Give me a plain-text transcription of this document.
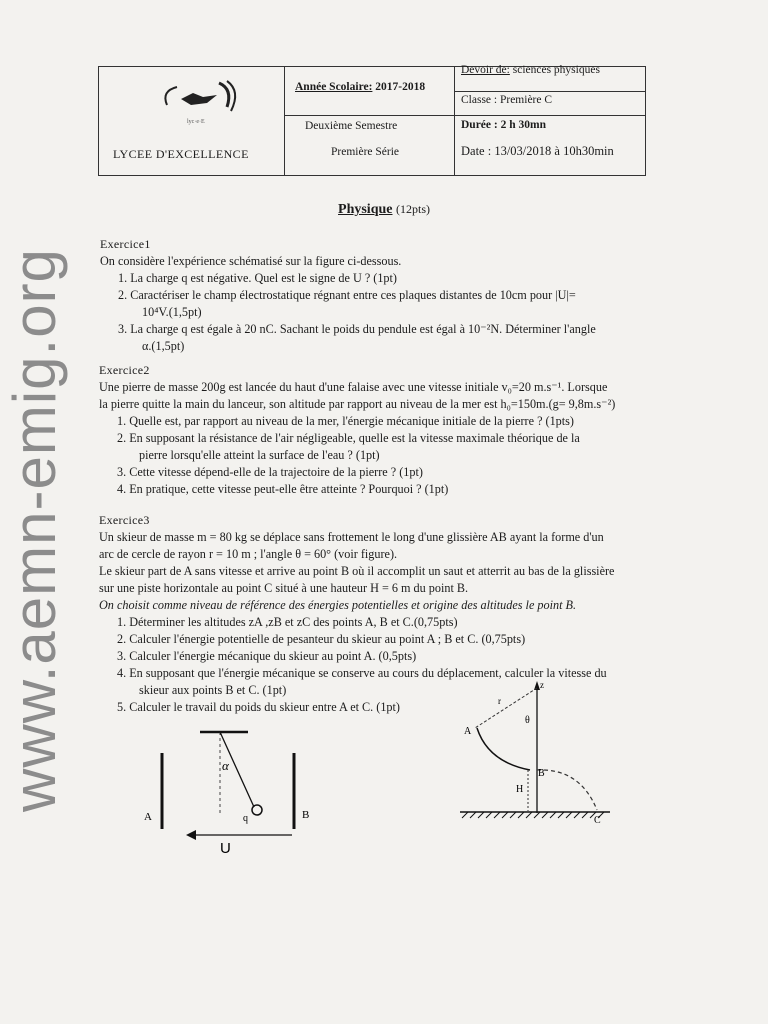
www.aemn-emig.org
lyc·e·E
LYCEE D'EXCELLENCE
Année Scolaire: 2017-2018
Deuxième Semestre
Première Série
Devoir de: sciences physiques
Classe : Première C
Durée : 2 h 30mn
Date : 13/03/2018 à 10h30min
Physique (12pts)
Exercice1
On considère l'expérience schématisé sur la figure ci-dessous.
1. La charge q est négative. Quel est le signe de U ? (1pt)
2. Caractériser le champ électrostatique régnant entre ces plaques distantes de 10cm pour |U|=
10⁴V.(1,5pt)
3. La charge q est égale à 20 nC. Sachant le poids du pendule est égal à 10⁻²N. Déterminer l'angle
α.(1,5pt)
Exercice2
Une pierre de masse 200g est lancée du haut d'une falaise avec une vitesse initiale v₀=20 m.s⁻¹. Lorsque
la pierre quitte la main du lanceur, son altitude par rapport au niveau de la mer est h₀=150m.(g= 9,8m.s⁻²)
1. Quelle est, par rapport au niveau de la mer, l'énergie mécanique initiale de la pierre ? (1pts)
2. En supposant la résistance de l'air négligeable, quelle est la vitesse maximale théorique de la
pierre lorsqu'elle atteint la surface de l'eau ? (1pt)
3. Cette vitesse dépend-elle de la trajectoire de la pierre ? (1pt)
4. En pratique, cette vitesse peut-elle être atteinte ? Pourquoi ? (1pt)
Exercice3
Un skieur de masse m = 80 kg se déplace sans frottement le long d'une glissière AB ayant la forme d'un
arc de cercle de rayon r = 10 m ; l'angle θ = 60° (voir figure).
Le skieur part de A sans vitesse et arrive au point B où il accomplit un saut et atterrit au bas de la glissière
sur une piste horizontale au point C situé à une hauteur H = 6 m du point B.
On choisit comme niveau de référence des énergies potentielles et origine des altitudes le point B.
1. Déterminer les altitudes zA ,zB et zC des points A, B et C.(0,75pts)
2. Calculer l'énergie potentielle de pesanteur du skieur au point A ; B et C. (0,75pts)
3. Calculer l'énergie mécanique du skieur au point A. (0,5pts)
4. En supposant que l'énergie mécanique se conserve au cours du déplacement, calculer la vitesse du
skieur aux points B et C. (1pt)
5. Calculer le travail du poids du skieur entre A et C. (1pt)
α
q
A	B
U
z
r
θ
A
B
H
C
